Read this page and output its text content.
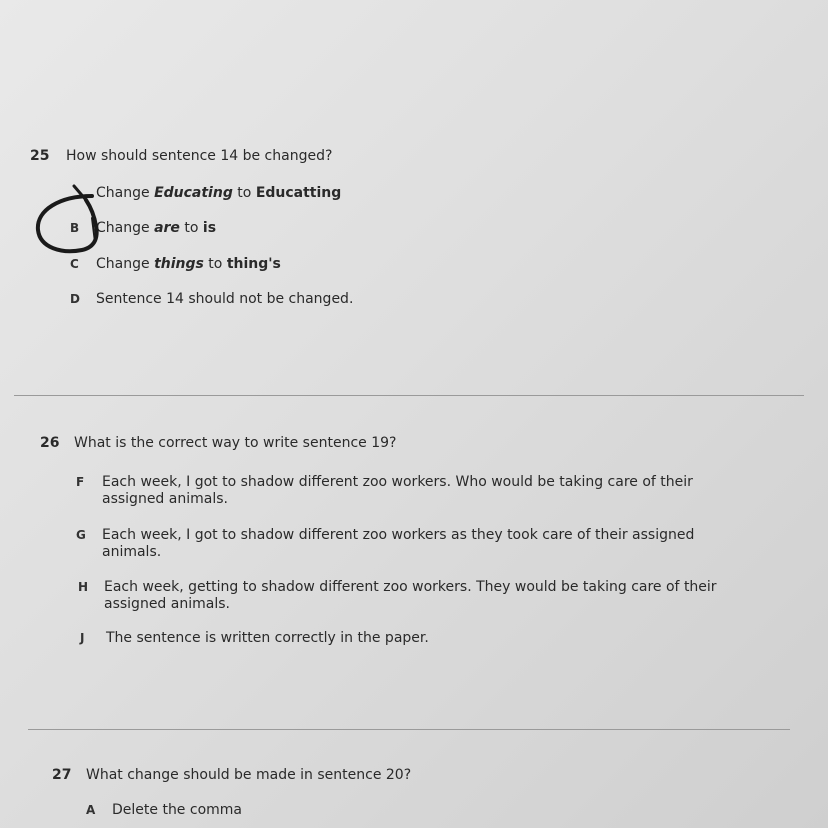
25 How should sentence 14 be changed?
Change Educating to Educatting
B Change are to is
C Change things to thing's
D Sentence 14 should not be changed.
26 What is the correct way to write sentence 19?
F	Each week, I got to shadow different zoo workers. Who would be taking care of their assigned animals.
G	Each week, I got to shadow different zoo workers as they took care of their assigned animals.
H	Each week, getting to shadow different zoo workers. They would be taking care of their assigned animals.
J	The sentence is written correctly in the paper.
27 What change should be made in sentence 20?
A Delete the comma
